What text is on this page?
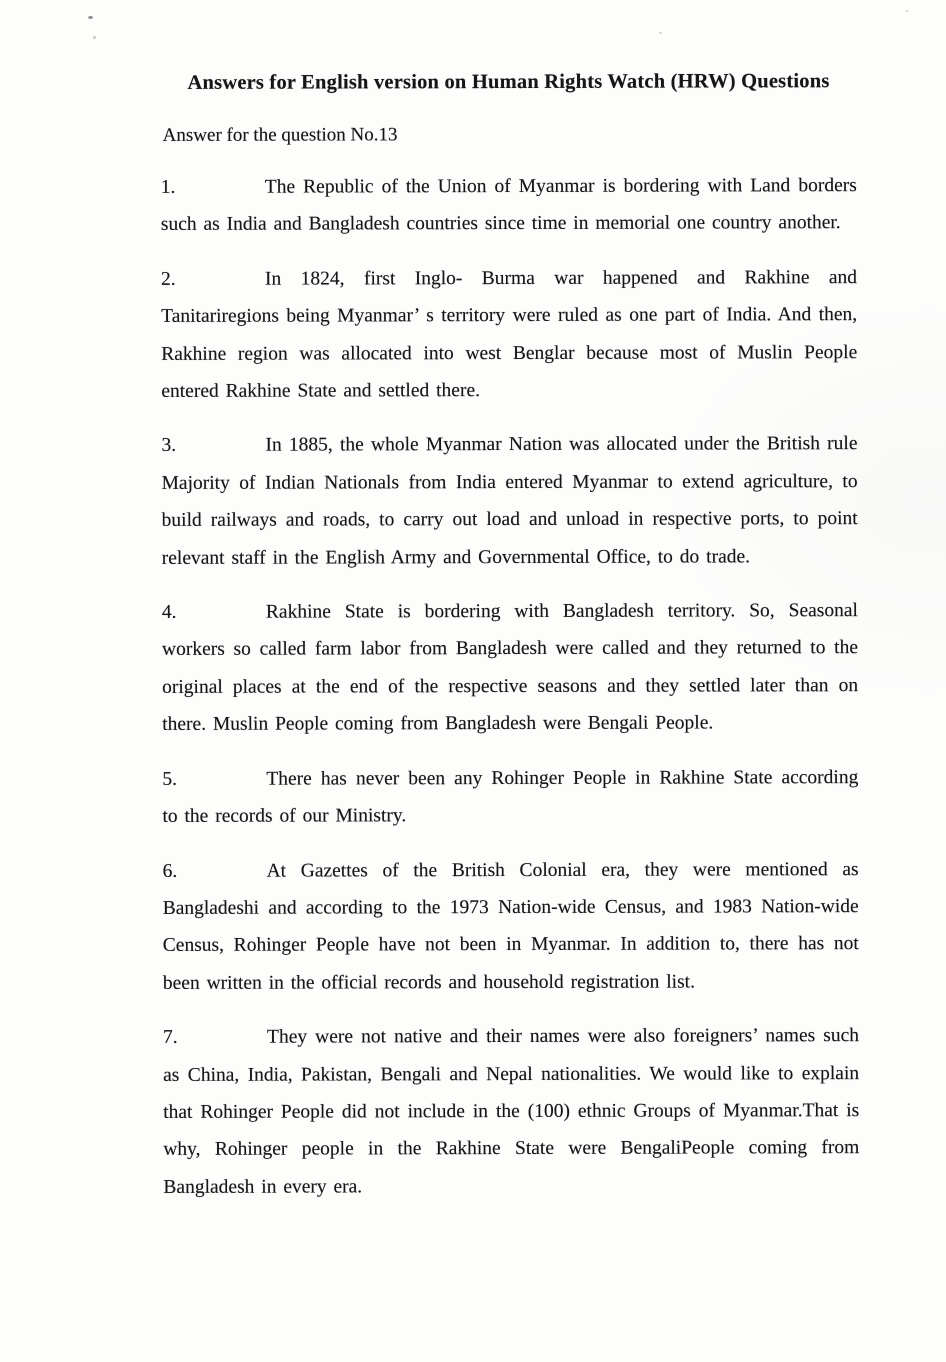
Answers for English version on Human Rights Watch (HRW) Questions
Answer for the question No.13
1.	The Republic of the Union of Myanmar is bordering with Land borders such as India and Bangladesh countries since time in memorial one country another.
2.	In 1824, first Inglo- Burma war happened and Rakhine and Tanitariregions being Myanmar’ s territory were ruled as one part of India. And then, Rakhine region was allocated into west Benglar because most of Muslin People entered Rakhine State and settled there.
3.	In 1885, the whole Myanmar Nation was allocated under the British rule Majority of Indian Nationals from India entered Myanmar to extend agriculture, to build railways and roads, to carry out load and unload in respective ports, to point relevant staff in the English Army and Governmental Office, to do trade.
4.	Rakhine State is bordering with Bangladesh territory. So, Seasonal workers so called farm labor from Bangladesh were called and they returned to the original places at the end of the respective seasons and they settled later than on there. Muslin People coming from Bangladesh were Bengali People.
5.	There has never been any Rohinger People in Rakhine State according to the records of our Ministry.
6.	At Gazettes of the British Colonial era, they were mentioned as Bangladeshi and according to the 1973 Nation-wide Census, and 1983 Nation-wide Census, Rohinger People have not been in Myanmar. In addition to, there has not been written in the official records and household registration list.
7.	They were not native and their names were also foreigners’ names such as China, India, Pakistan, Bengali and Nepal nationalities. We would like to explain that Rohinger People did not include in the (100) ethnic Groups of Myanmar.That is why, Rohinger people in the Rakhine State were BengaliPeople coming from Bangladesh in every era.
